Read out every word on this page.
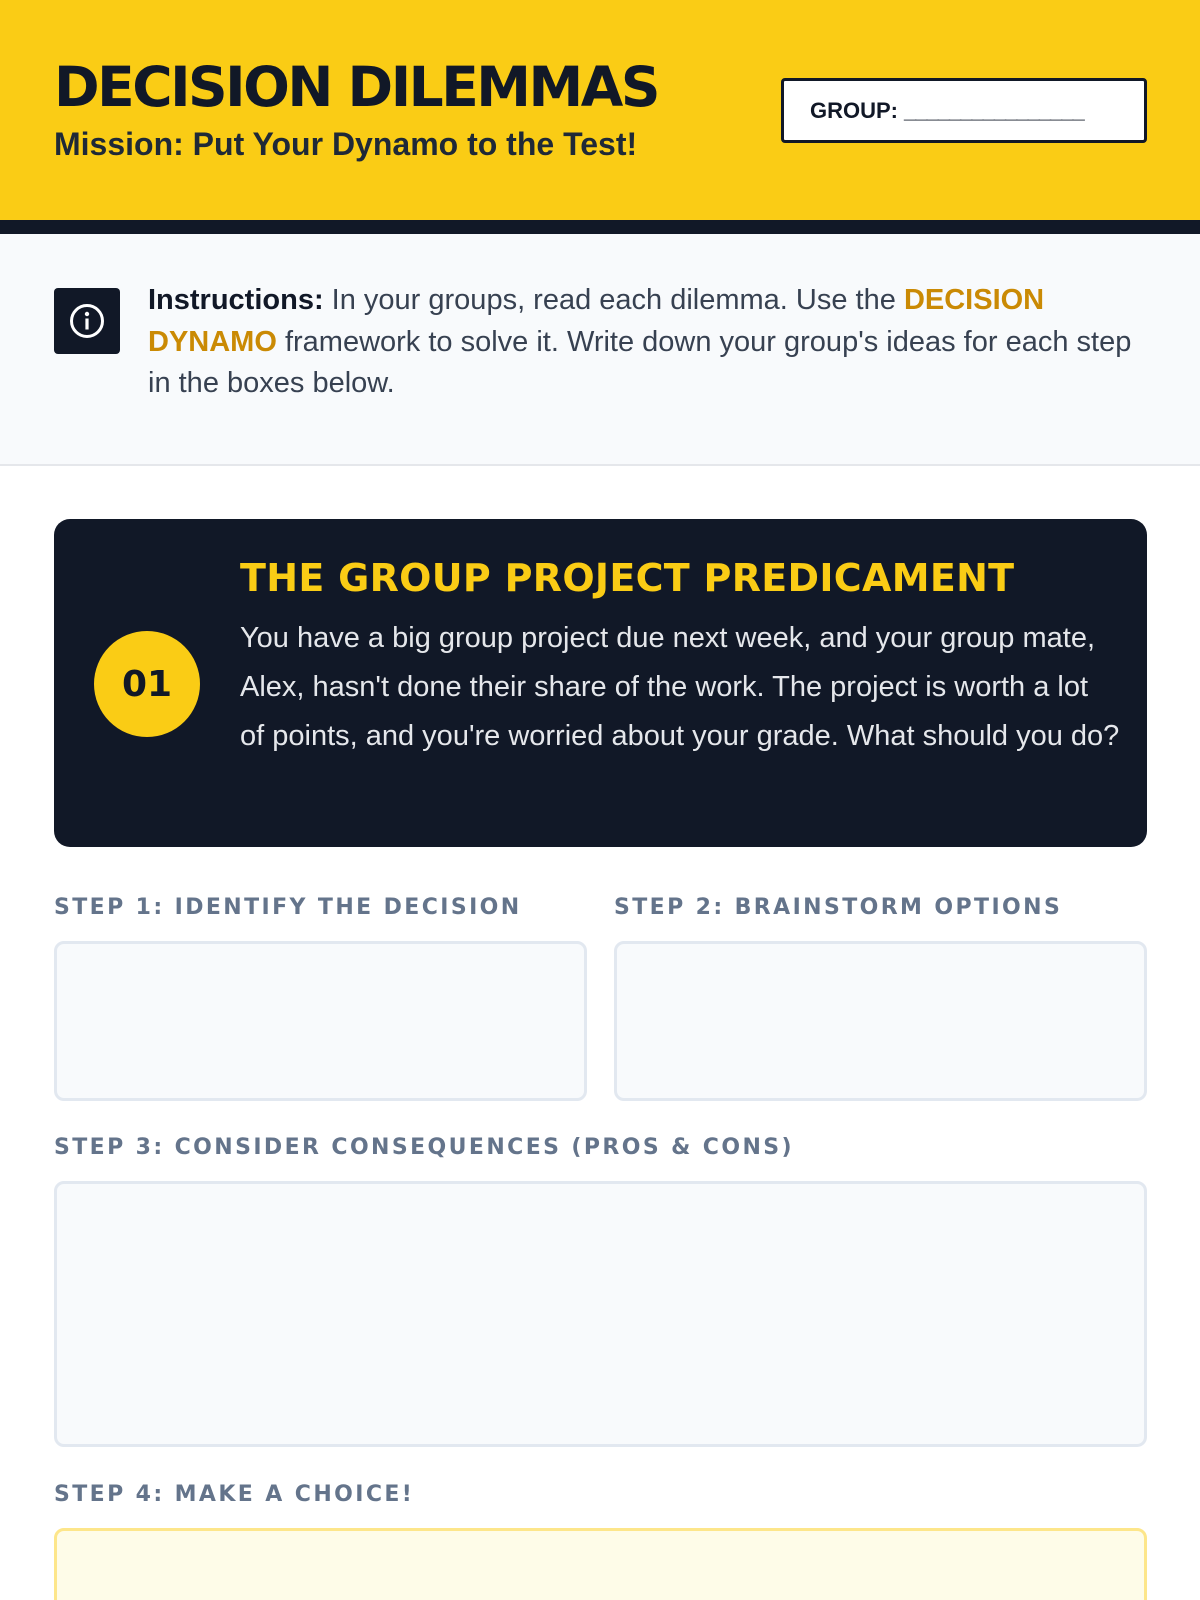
DECISION DILEMMAS
Mission: Put Your Dynamo to the Test!
GROUP: ________________

Instructions: In your groups, read each dilemma. Use the DECISION DYNAMO framework to solve it. Write down your group's ideas for each step in the boxes below.

01
THE GROUP PROJECT PREDICAMENT

You have a big group project due next week, and your group mate, Alex, hasn't done their share of the work. The project is worth a lot of points, and you're worried about your grade. What should you do?

STEP 1: IDENTIFY THE DECISION	STEP 2: BRAINSTORM OPTIONS
STEP 3: CONSIDER CONSEQUENCES (PROS & CONS)
STEP 4: MAKE A CHOICE!
